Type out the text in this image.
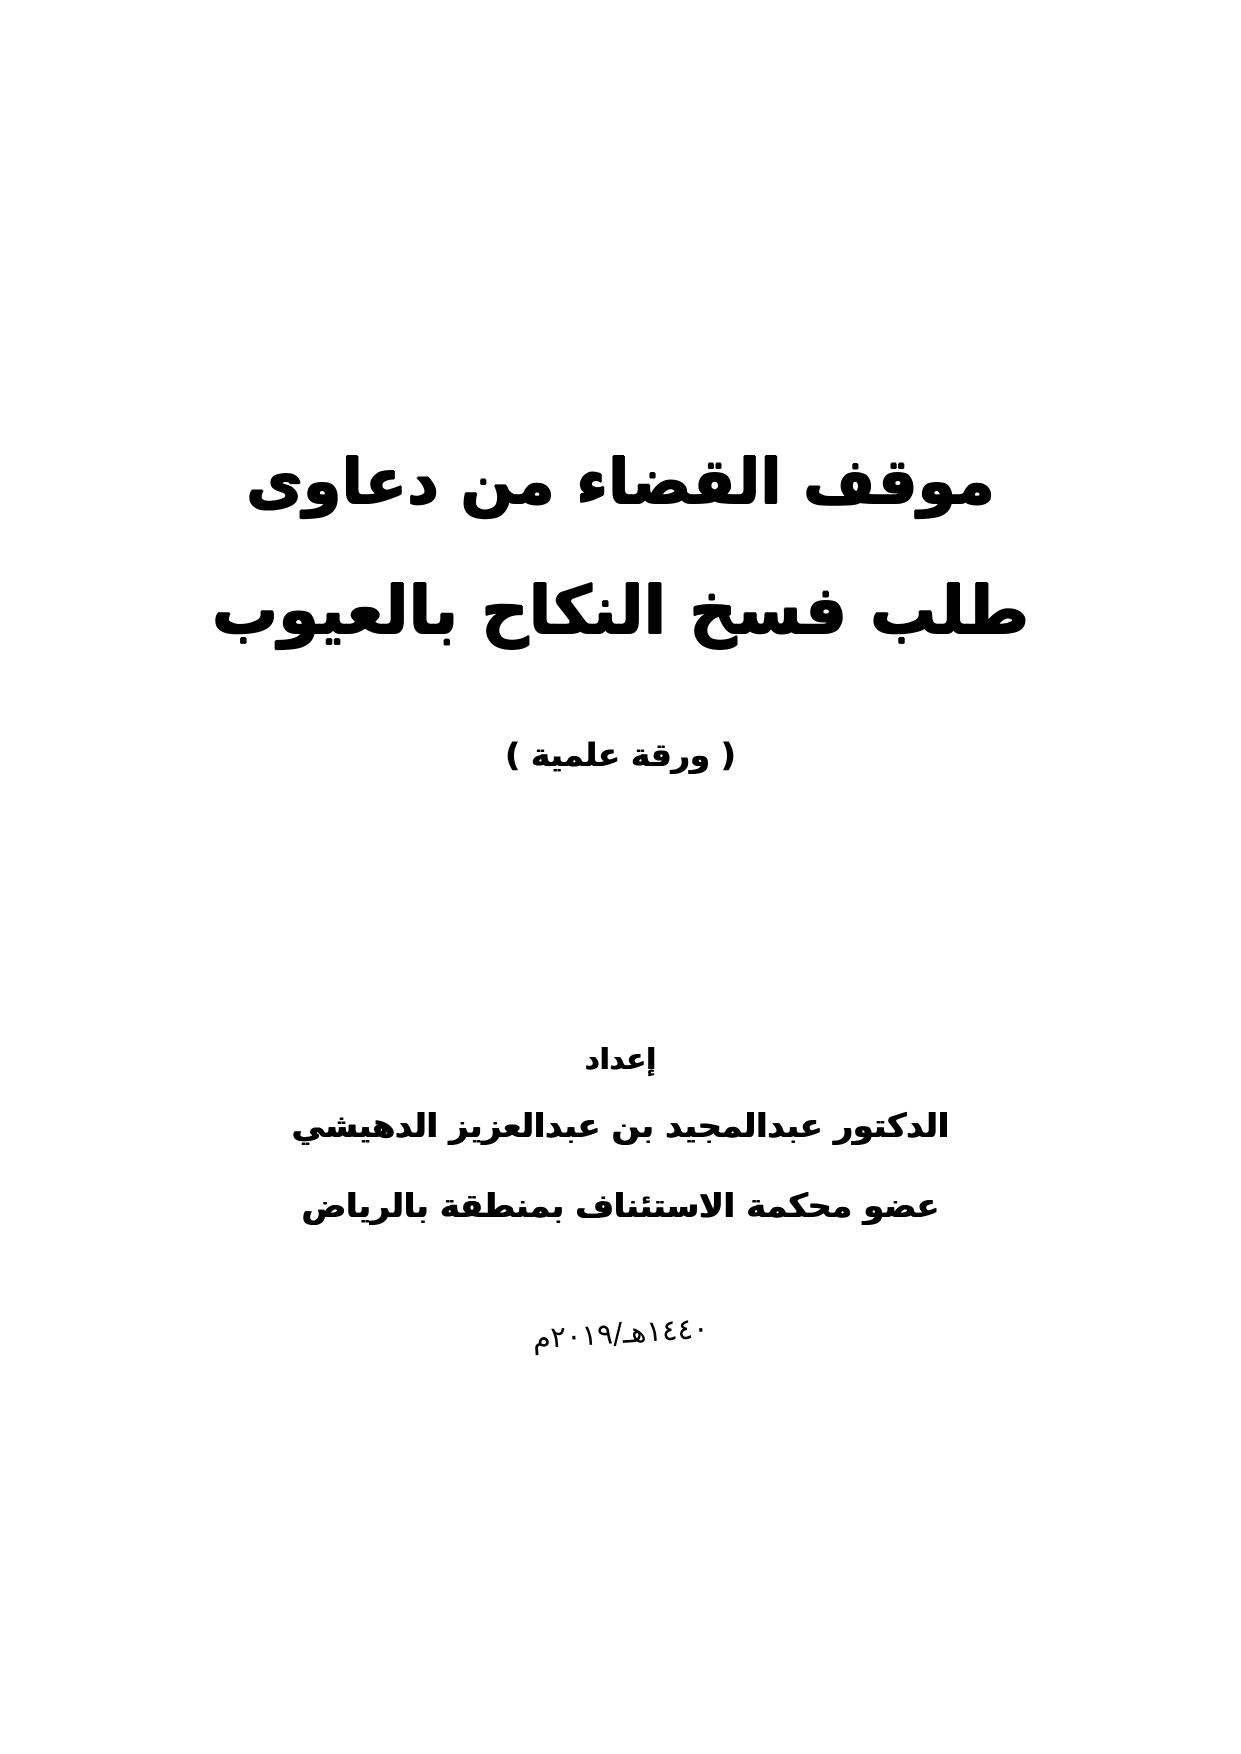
موقف القضاء من دعاوى
طلب فسخ النكاح بالعيوب
( ورقة علمية )
إعداد
الدكتور عبدالمجيد بن عبدالعزيز الدهيشي
عضو محكمة الاستئناف بمنطقة بالرياض
١٤٤٠هـ/٢٠١٩م
